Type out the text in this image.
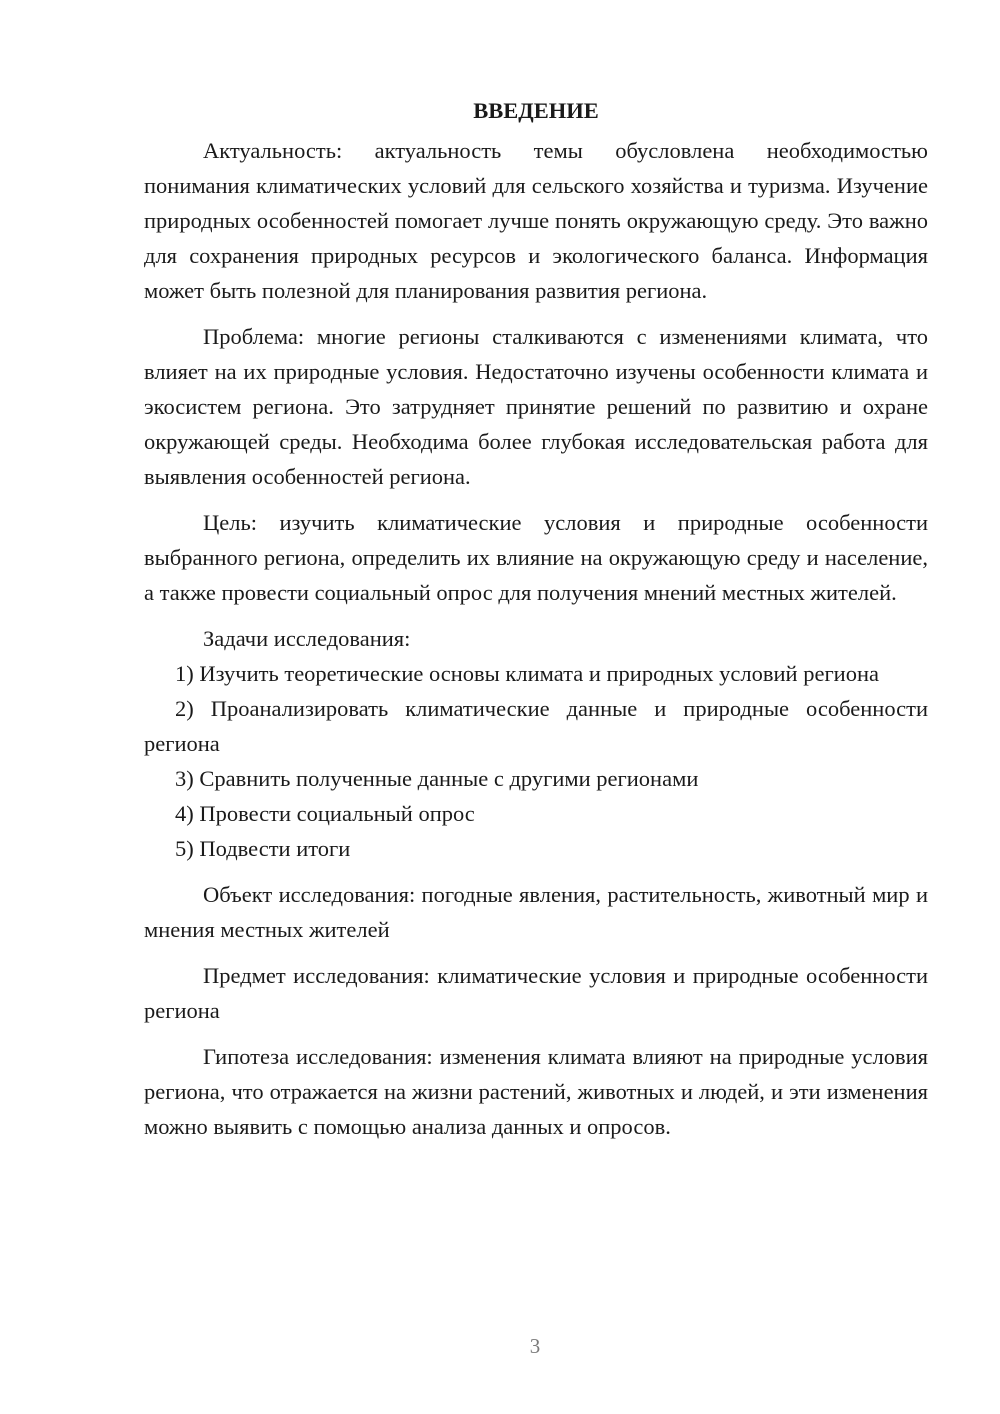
ВВЕДЕНИЕ

Актуальность: актуальность темы обусловлена необходимостью понимания климатических условий для сельского хозяйства и туризма. Изучение природных особенностей помогает лучше понять окружающую среду. Это важно для сохранения природных ресурсов и экологического баланса. Информация может быть полезной для планирования развития региона.

Проблема: многие регионы сталкиваются с изменениями климата, что влияет на их природные условия. Недостаточно изучены особенности климата и экосистем региона. Это затрудняет принятие решений по развитию и охране окружающей среды. Необходима более глубокая исследовательская работа для выявления особенностей региона.

Цель: изучить климатические условия и природные особенности выбранного региона, определить их влияние на окружающую среду и население, а также провести социальный опрос для получения мнений местных жителей.

Задачи исследования:

1) Изучить теоретические основы климата и природных условий региона

2) Проанализировать климатические данные и природные особенности региона

3) Сравнить полученные данные с другими регионами

4) Провести социальный опрос

5) Подвести итоги

Объект исследования: погодные явления, растительность, животный мир и мнения местных жителей

Предмет исследования: климатические условия и природные особенности региона

Гипотеза исследования: изменения климата влияют на природные условия региона, что отражается на жизни растений, животных и людей, и эти изменения можно выявить с помощью анализа данных и опросов.

3
